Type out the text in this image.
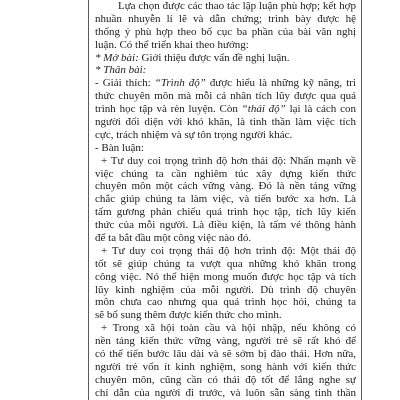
Lựa chọn được các thao tác lập luận phù hợp; kết hợp
nhuần nhuyễn lí lẽ và dẫn chứng; trình bày được hệ
thống ý phù hợp theo bố cục ba phần của bài văn nghị
luận. Có thể triển khai theo hướng:
* Mở bài: Giới thiệu được vấn đề nghị luận.
* Thân bài:
- Giải thích: “Trình độ” được hiểu là những kỹ năng, tri
thức chuyên môn mà mỗi cá nhân tích lũy được qua quá
trình học tập và rèn luyện. Còn “thái độ” lại là cách con
người đối diện với khó khăn, là tinh thần làm việc tích
cực, trách nhiệm và sự tôn trọng người khác.
- Bàn luận:
+ Tư duy coi trọng trình độ hơn thái độ: Nhấn mạnh về
việc chúng ta cần nghiêm túc xây dựng kiến thức
chuyên môn một cách vững vàng. Đó là nền tảng vững
chắc giúp chúng ta làm việc, và tiến bước xa hơn. Là
tấm gương phản chiếu quá trình học tập, tích lũy kiến
thức của mỗi người. Là điều kiện, là tấm vé thông hành
để ta bắt đầu một công việc nào đó.
+ Tư duy coi trọng thái độ hơn trình độ: Một thái độ
tốt sẽ giúp chúng ta vượt qua những khó khăn trong
công việc. Nó thể hiện mong muốn được học tập và tích
lũy kinh nghiệm của mỗi người. Dù trình độ chuyên
môn chưa cao nhưng qua quá trình học hỏi, chúng ta
sẽ bổ sung thêm được kiến thức cho mình.
+ Trong xã hội toàn cầu và hội nhập, nếu không có
nền tảng kiến thức vững vàng, người trẻ sẽ rất khó để
có thể tiến bước lâu dài và sẽ sớm bị đào thải. Hơn nữa,
người trẻ vốn ít kinh nghiệm, song hành với kiến thức
chuyên môn, cũng cần có thái độ tốt để lắng nghe sự
chỉ dẫn của người đi trước, và luôn sẵn sàng tinh thần
